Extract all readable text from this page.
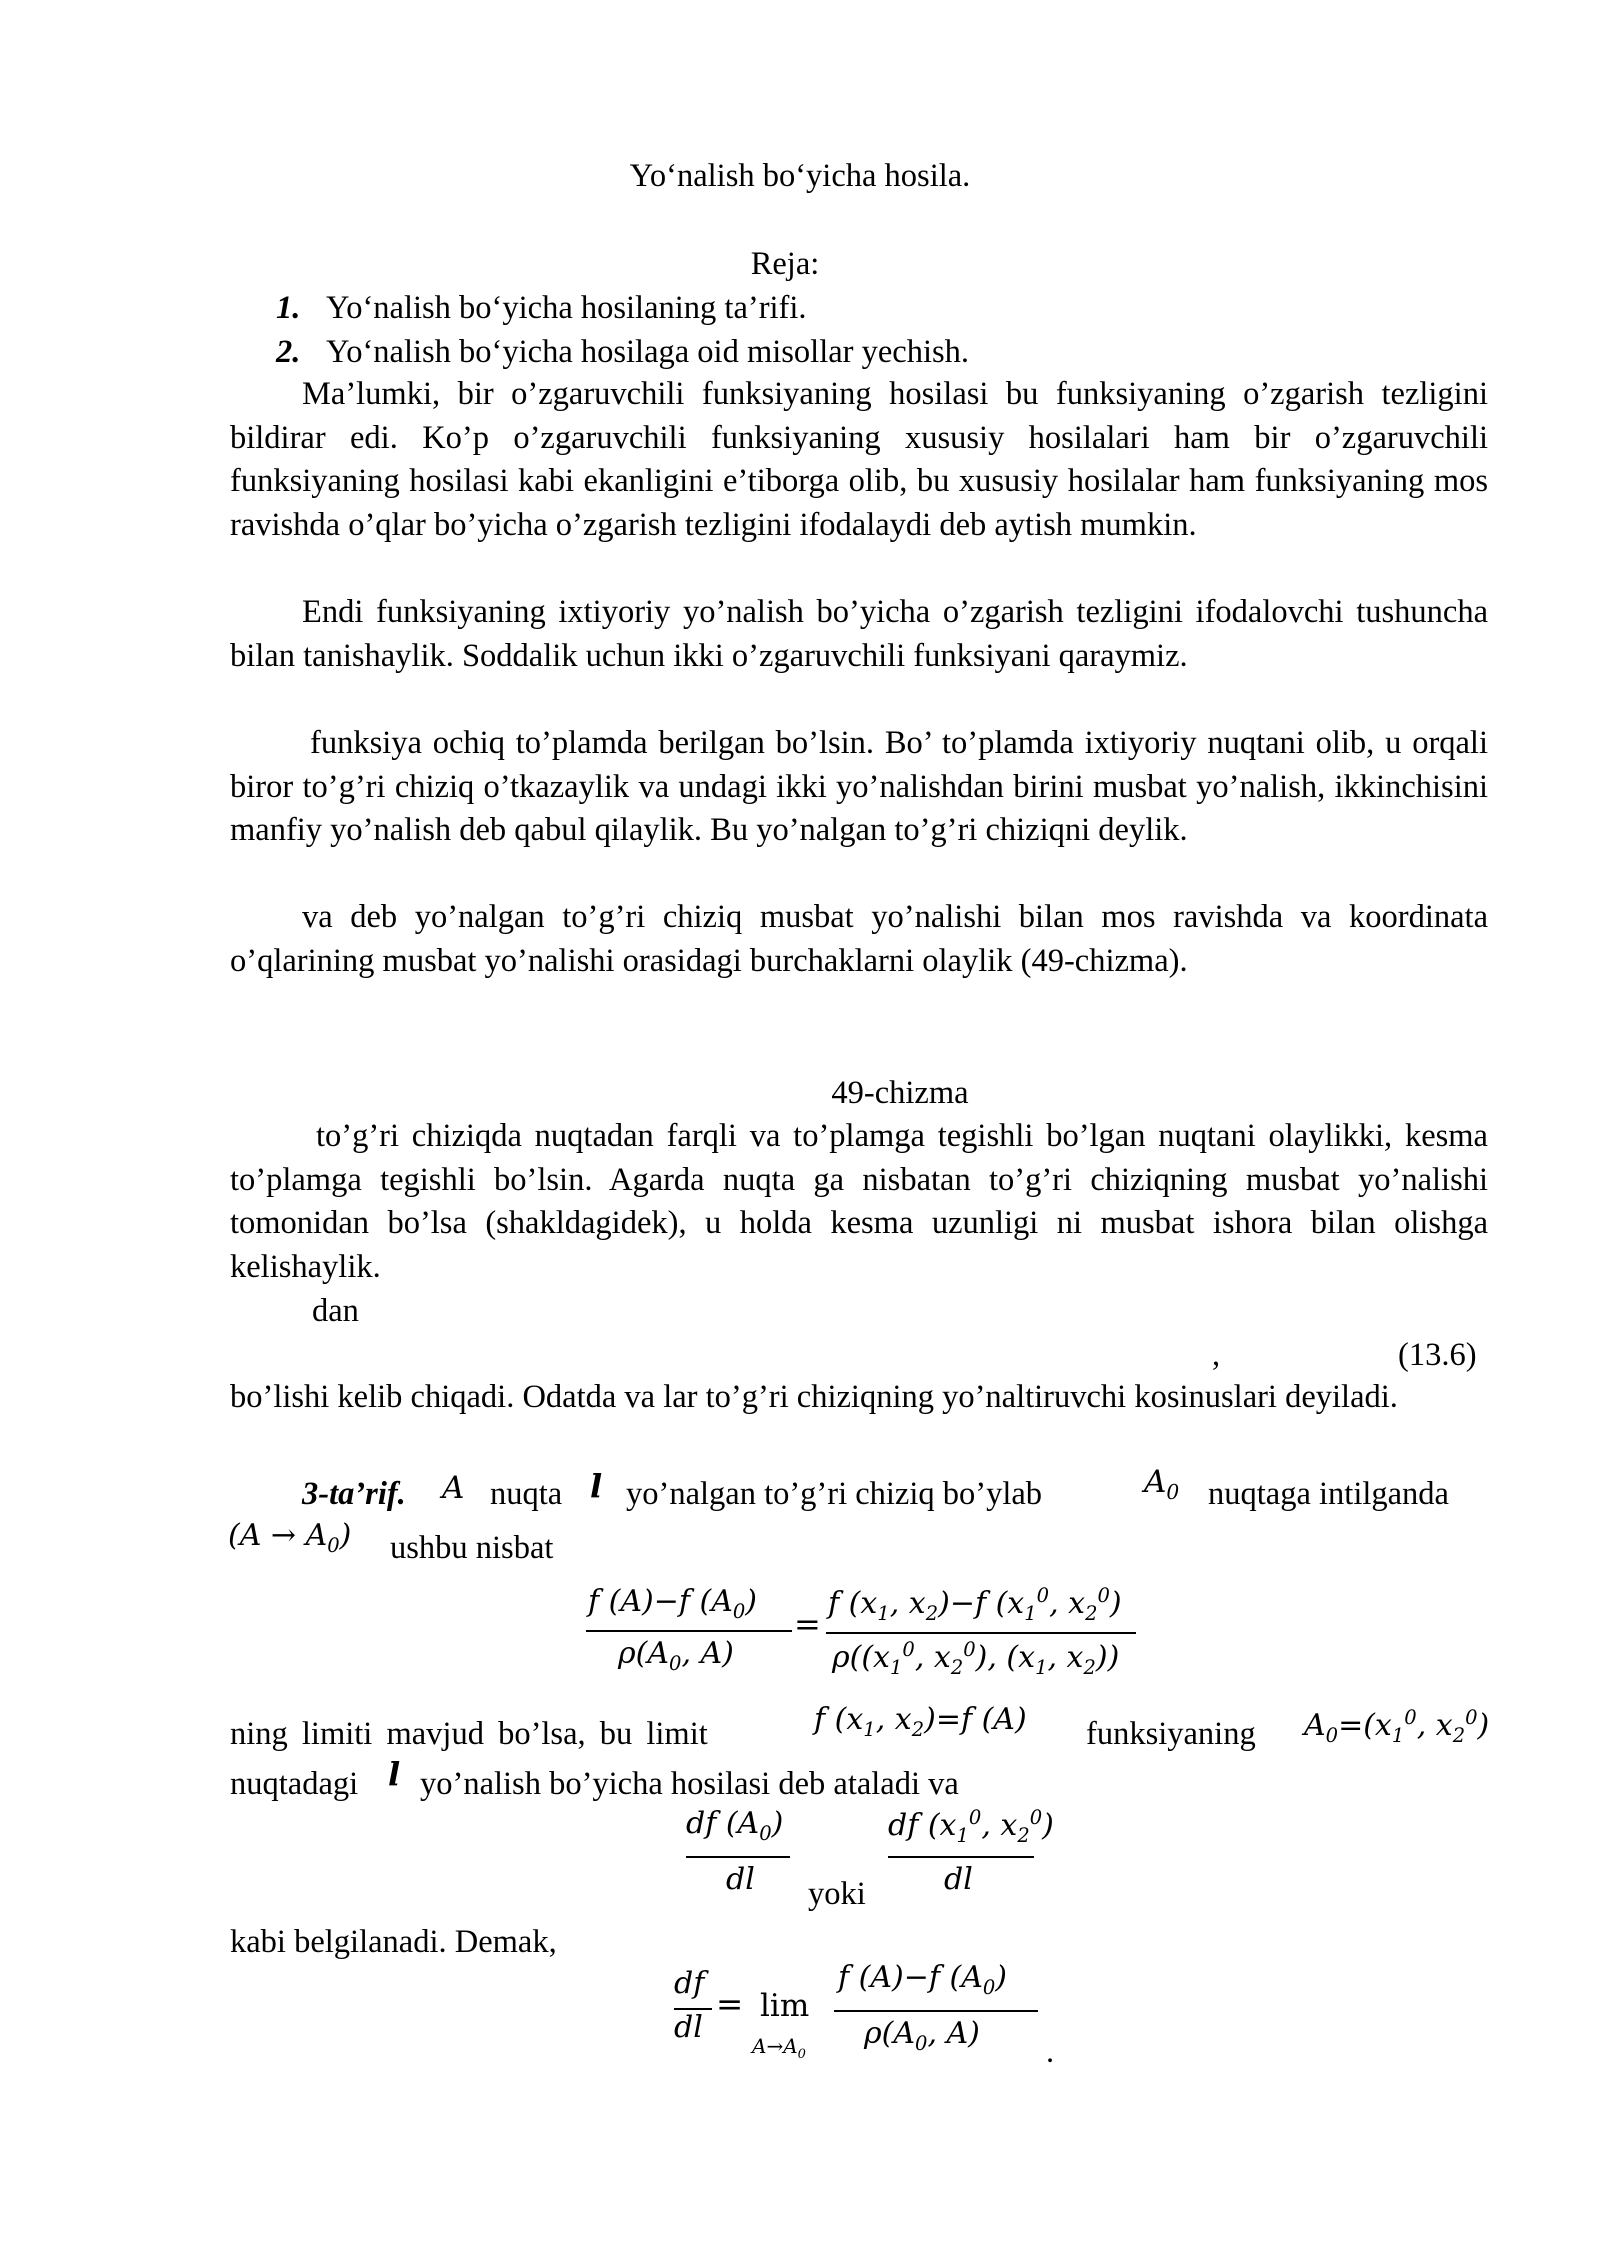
Yo‘nalish bo‘yicha hosila.
Reja:
1. Yo‘nalish bo‘yicha hosilaning ta’rifi.
2. Yo‘nalish bo‘yicha hosilaga oid misollar yechish.
Ma’lumki, bir o’zgaruvchili funksiyaning hosilasi bu funksiyaning o’zgarish tezligini bildirar edi. Ko’p o’zgaruvchili funksiyaning xususiy hosilalari ham bir o’zgaruvchili funksiyaning hosilasi kabi ekanligini e’tiborga olib, bu xususiy hosilalar ham funksiyaning mos ravishda o’qlar bo’yicha o’zgarish tezligini ifodalaydi deb aytish mumkin.
Endi funksiyaning ixtiyoriy yo’nalish bo’yicha o’zgarish tezligini ifodalovchi tushuncha bilan tanishaylik. Soddalik uchun ikki o’zgaruvchili funksiyani qaraymiz.
funksiya ochiq to’plamda berilgan bo’lsin. Bo’ to’plamda ixtiyoriy nuqtani olib, u orqali biror to’g’ri chiziq o’tkazaylik va undagi ikki yo’nalishdan birini musbat yo’nalish, ikkinchisini manfiy yo’nalish deb qabul qilaylik. Bu yo’nalgan to’g’ri chiziqni deylik.
va deb yo’nalgan to’g’ri chiziq musbat yo’nalishi bilan mos ravishda va koordinata o’qlarining musbat yo’nalishi orasidagi burchaklarni olaylik (49-chizma).
49-chizma
to’g’ri chiziqda nuqtadan farqli va to’plamga tegishli bo’lgan nuqtani olaylikki, kesma to’plamga tegishli bo’lsin. Agarda nuqta ga nisbatan to’g’ri chiziqning musbat yo’nalishi tomonidan bo’lsa (shakldagidek), u holda kesma uzunligi ni musbat ishora bilan olishga kelishaylik.
dan
,	(13.6)
bo’lishi kelib chiqadi. Odatda va lar to’g’ri chiziqning yo’naltiruvchi kosinuslari deyiladi.
3-ta’rif. A nuqta l yo’nalgan to’g’ri chiziq bo’ylab	$A_0$ nuqtaga intilganda
$(A \to A_0)$ ushbu nisbat
f (A)−f $(A_0)$
$\rho(A_0$, A)
=
f ($x_1$, $x_2)-f$ ($x_1^0$, $x_2^0$)
$\rho((x_1^0$, $x_2^0$), ($x_1$, $x_2$))
ning limiti mavjud bo’lsa, bu limit	f ($x_1$, $x_2)=f$ (A) funksiyaning $A_0=(x_1^0$, $x_2^0$)
nuqtadagi l yo’nalish bo’yicha hosilasi deb ataladi va
df $(A_0)$
dl yoki
df ($x_1^0$, $x_2^0$)
dl
kabi belgilanadi. Demak,
df
dl
= lim
$A\to A_0$
f (A)−f $(A_0)$
$\rho(A_0$, A)
.
